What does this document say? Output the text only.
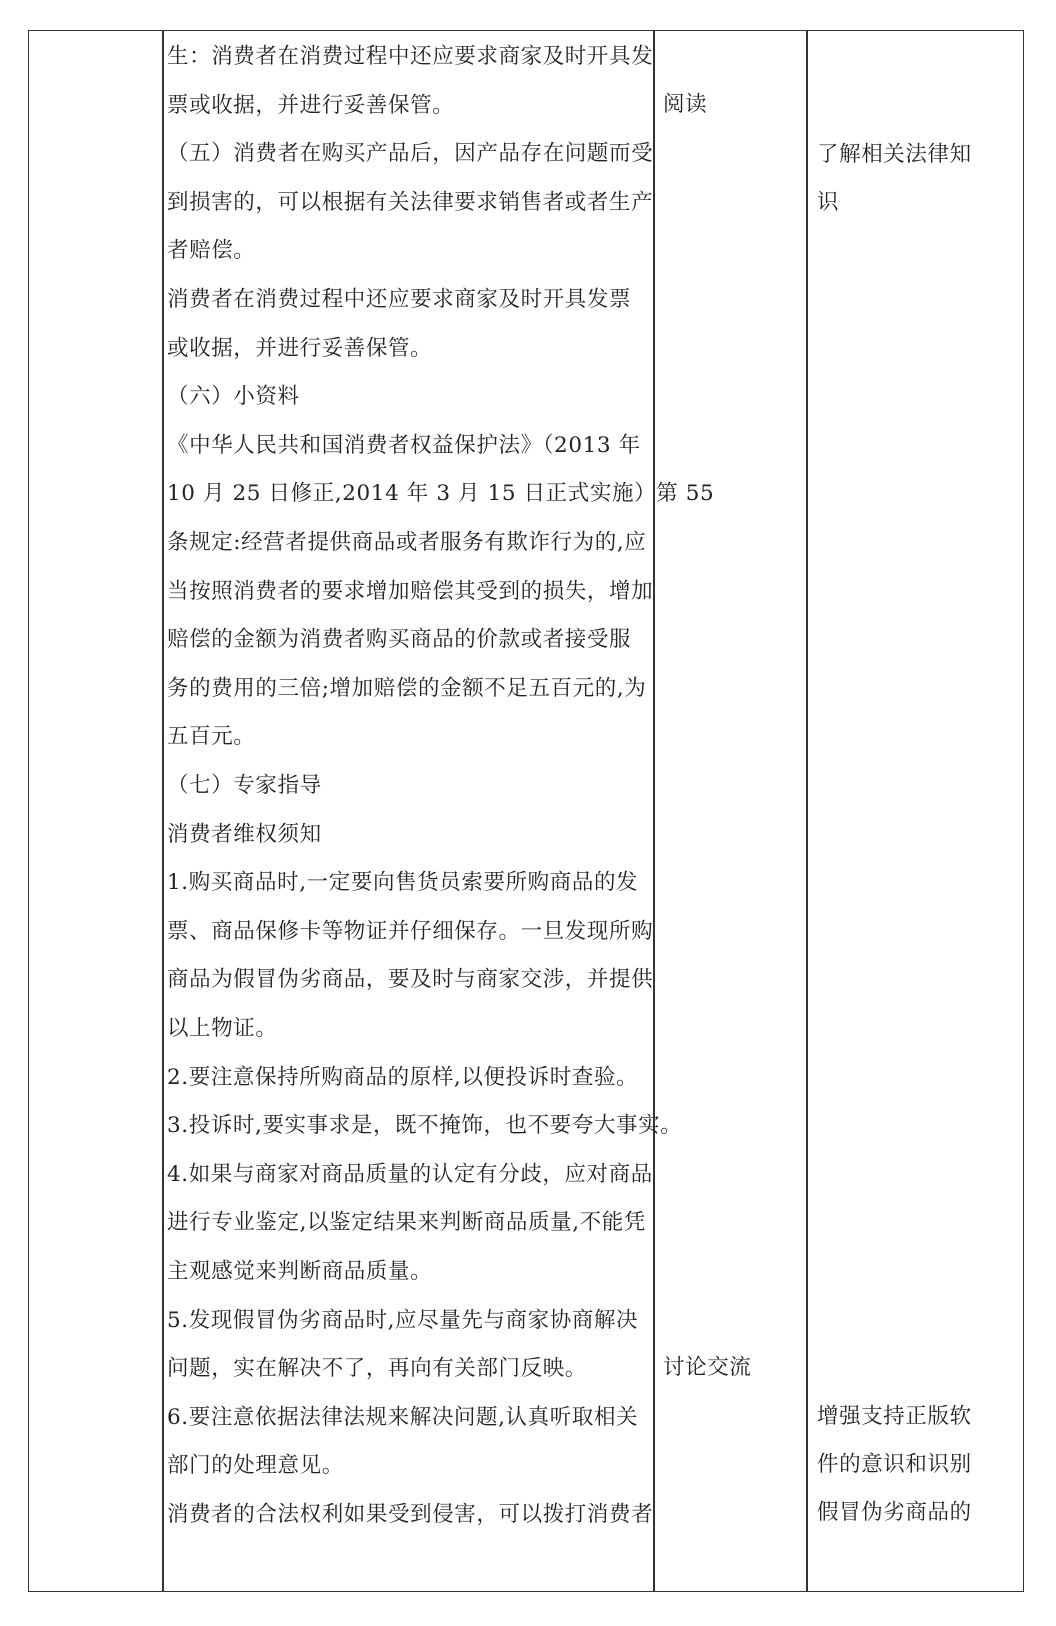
生：消费者在消费过程中还应要求商家及时开具发
票或收据，并进行妥善保管。
（五）消费者在购买产品后，因产品存在问题而受
到损害的，可以根据有关法律要求销售者或者生产
者赔偿。
消费者在消费过程中还应要求商家及时开具发票
或收据，并进行妥善保管。
（六）小资料
《中华人民共和国消费者权益保护法》（2013 年
10 月 25 日修正,2014 年 3 月 15 日正式实施）第 55
条规定:经营者提供商品或者服务有欺诈行为的,应
当按照消费者的要求增加赔偿其受到的损失，增加
赔偿的金额为消费者购买商品的价款或者接受服
务的费用的三倍;增加赔偿的金额不足五百元的,为
五百元。
（七）专家指导
消费者维权须知
1.购买商品时,一定要向售货员索要所购商品的发
票、商品保修卡等物证并仔细保存。一旦发现所购
商品为假冒伪劣商品，要及时与商家交涉，并提供
以上物证。
2.要注意保持所购商品的原样,以便投诉时查验。
3.投诉时,要实事求是，既不掩饰，也不要夸大事实。
4.如果与商家对商品质量的认定有分歧，应对商品
进行专业鉴定,以鉴定结果来判断商品质量,不能凭
主观感觉来判断商品质量。
5.发现假冒伪劣商品时,应尽量先与商家协商解决
问题，实在解决不了，再向有关部门反映。
6.要注意依据法律法规来解决问题,认真听取相关
部门的处理意见。
消费者的合法权利如果受到侵害，可以拨打消费者
阅读
讨论交流
了解相关法律知
识
增强支持正版软
件的意识和识别
假冒伪劣商品的
